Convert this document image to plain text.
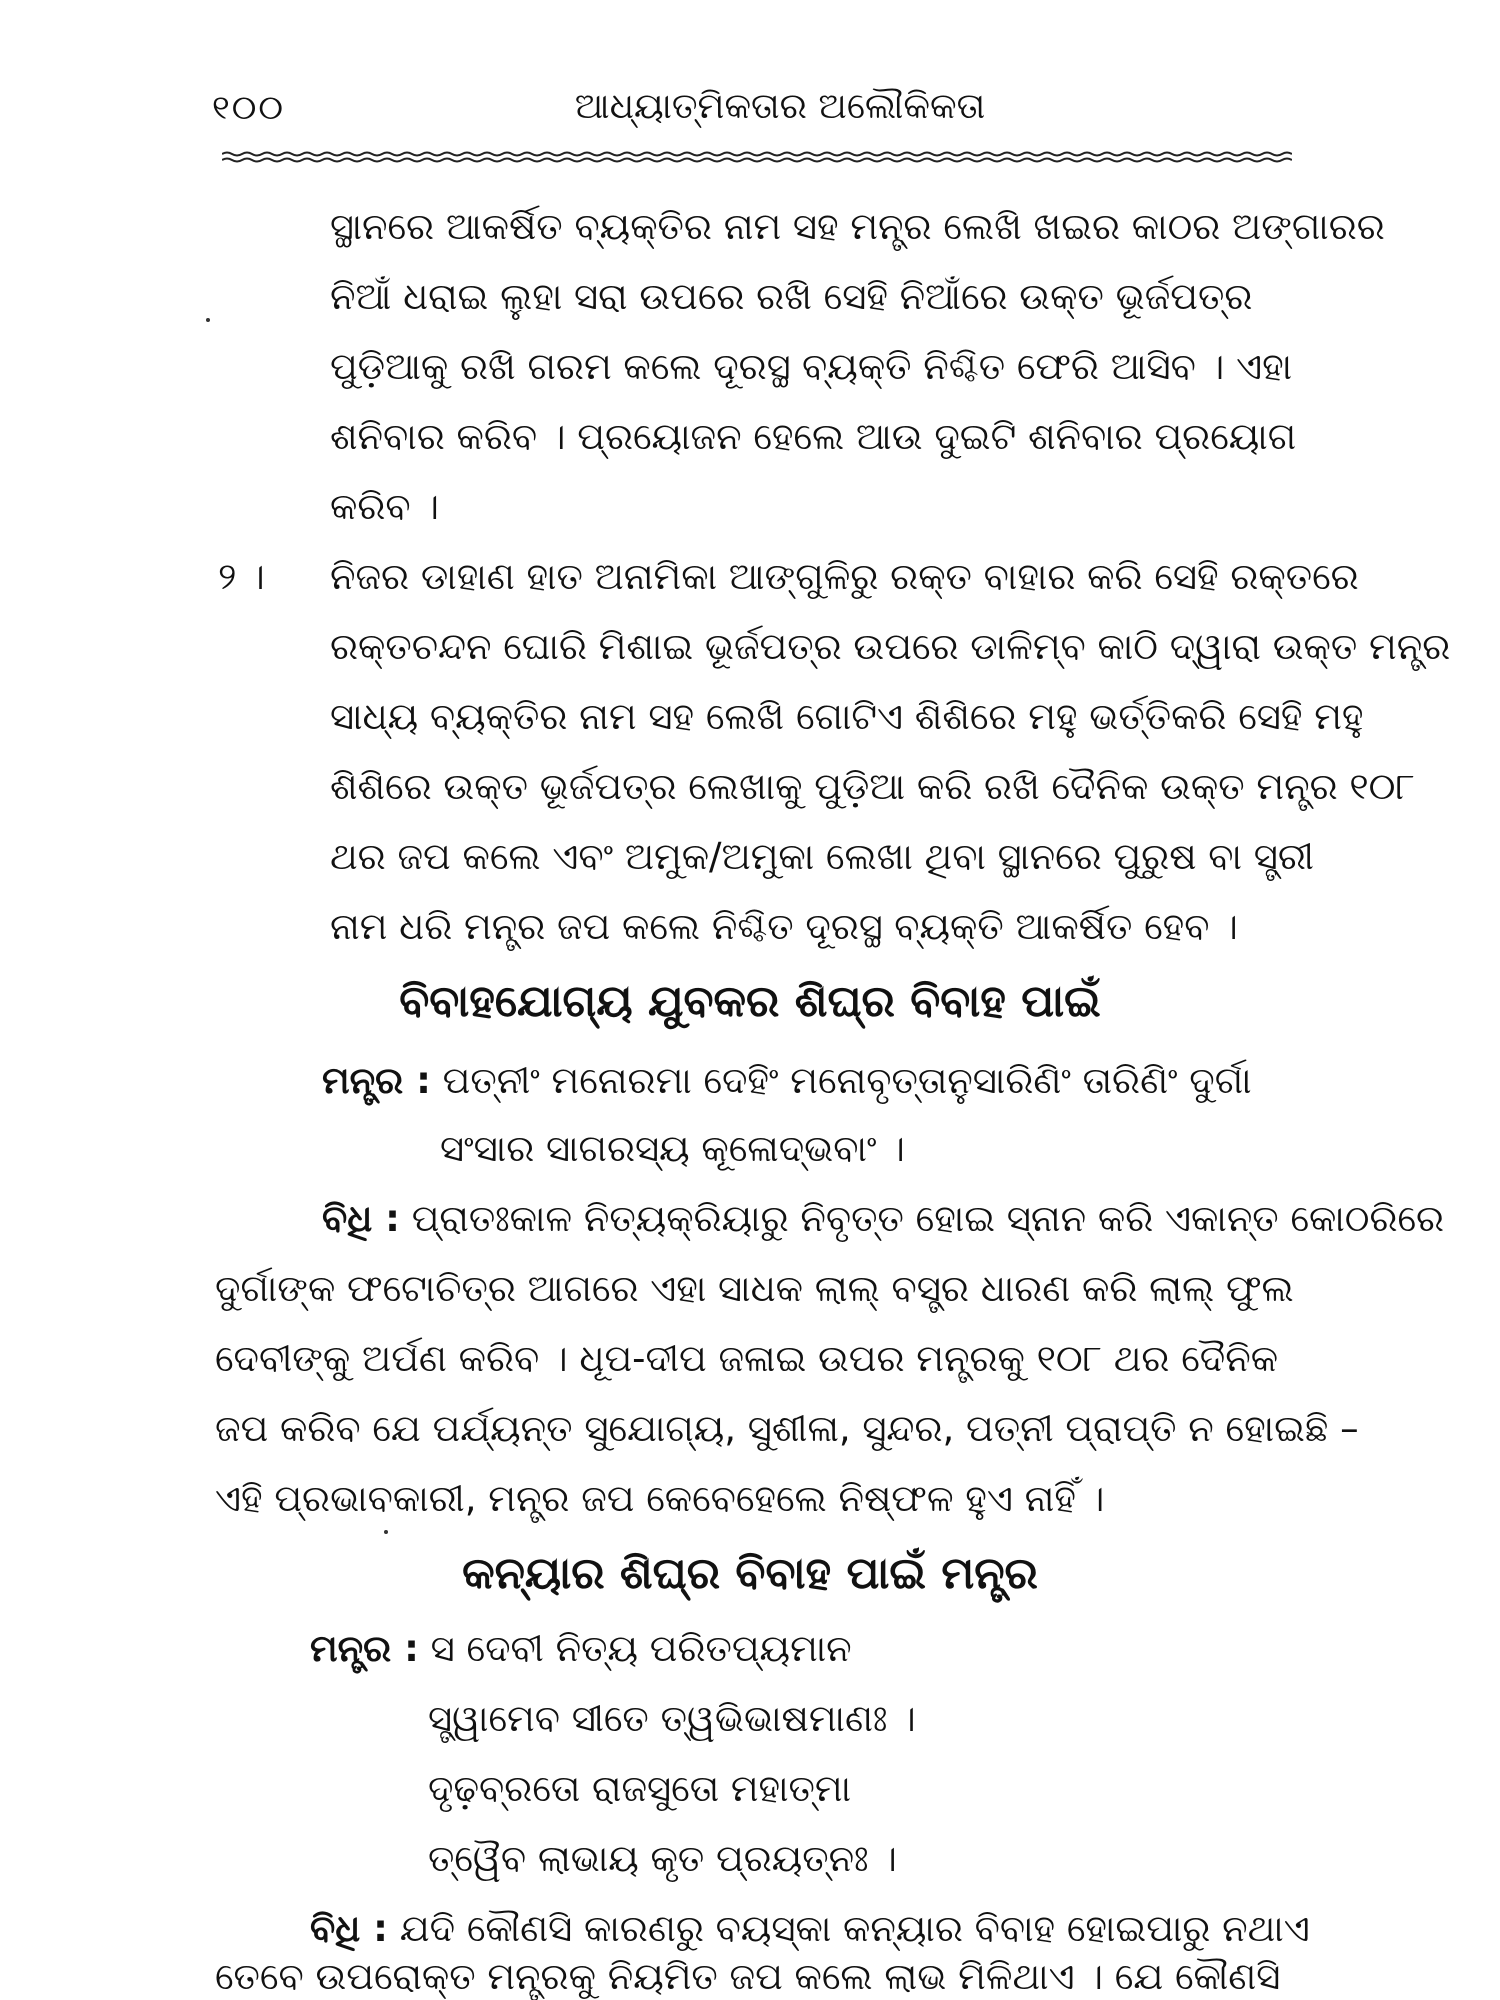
୧୦୦	ଆଧ୍ୟାତ୍ମିକତାର ଅଲୌକିକତା
ସ୍ଥାନରେ ଆକର୍ଷିତ ବ୍ୟକ୍ତିର ନାମ ସହ ମନ୍ତ୍ର ଲେଖି ଖଇର କାଠର ଅଙ୍ଗାରର
ନିଆଁ ଧରାଇ ଲୁହା ସରା ଉପରେ ରଖି ସେହି ନିଆଁରେ ଉକ୍ତ ଭୂର୍ଜପତ୍ର
ପୁଡ଼ିଆକୁ ରଖି ଗରମ କଲେ ଦୂରସ୍ଥ ବ୍ୟକ୍ତି ନିଶ୍ଚିତ ଫେରି ଆସିବ । ଏହା
ଶନିବାର କରିବ । ପ୍ରୟୋଜନ ହେଲେ ଆଉ ଦୁଇଟି ଶନିବାର ପ୍ରୟୋଗ
କରିବ ।
୨ । ନିଜର ଡାହାଣ ହାତ ଅନାମିକା ଆଙ୍ଗୁଳିରୁ ରକ୍ତ ବାହାର କରି ସେହି ରକ୍ତରେ
ରକ୍ତଚନ୍ଦନ ଘୋରି ମିଶାଇ ଭୂର୍ଜପତ୍ର ଉପରେ ଡାଳିମ୍ବ କାଠି ଦ୍ୱାରା ଉକ୍ତ ମନ୍ତ୍ର
ସାଧ୍ୟ ବ୍ୟକ୍ତିର ନାମ ସହ ଲେଖି ଗୋଟିଏ ଶିଶିରେ ମହୁ ଭର୍ତ୍ତିକରି ସେହି ମହୁ
ଶିଶିରେ ଉକ୍ତ ଭୂର୍ଜପତ୍ର ଲେଖାକୁ ପୁଡ଼ିଆ କରି ରଖି ଦୈନିକ ଉକ୍ତ ମନ୍ତ୍ର ୧୦୮
ଥର ଜପ କଲେ ଏବଂ ଅମୁକ/ଅମୁକା ଲେଖା ଥିବା ସ୍ଥାନରେ ପୁରୁଷ ବା ସ୍ତ୍ରୀ
ନାମ ଧରି ମନ୍ତ୍ର ଜପ କଲେ ନିଶ୍ଚିତ ଦୂରସ୍ଥ ବ୍ୟକ୍ତି ଆକର୍ଷିତ ହେବ ।
ବିବାହଯୋଗ୍ୟ ଯୁବକର ଶିଘ୍ର ବିବାହ ପାଇଁ
ମନ୍ତ୍ର : ପତ୍ନୀଂ ମନୋରମା ଦେହିଂ ମନୋବୃତ୍ତାନୁସାରିଣିଂ ତାରିଣିଂ ଦୁର୍ଗା
ସଂସାର ସାଗରସ୍ୟ କୂଳୋଦ୍‌ଭବାଂ ।
ବିଧି : ପ୍ରାତଃକାଳ ନିତ୍ୟକ୍ରିୟାରୁ ନିବୃତ୍ତ ହୋଇ ସ୍ନାନ କରି ଏକାନ୍ତ କୋଠରିରେ
ଦୁର୍ଗାଙ୍କ ଫଟୋଚିତ୍ର ଆଗରେ ଏହା ସାଧକ ଲାଲ୍ ବସ୍ତ୍ର ଧାରଣ କରି ଲାଲ୍ ଫୁଲ
ଦେବୀଙ୍କୁ ଅର୍ପଣ କରିବ । ଧୂପ-ଦୀପ ଜଳାଇ ଉପର ମନ୍ତ୍ରକୁ ୧୦୮ ଥର ଦୈନିକ
ଜପ କରିବ ଯେ ପର୍ଯ୍ୟନ୍ତ ସୁଯୋଗ୍ୟ, ସୁଶୀଳା, ସୁନ୍ଦର, ପତ୍ନୀ ପ୍ରାପ୍ତି ନ ହୋଇଛି –
ଏହି ପ୍ରଭାବକାରୀ, ମନ୍ତ୍ର ଜପ କେବେହେଲେ ନିଷ୍ଫଳ ହୁଏ ନାହିଁ ।
କନ୍ୟାର ଶିଘ୍ର ବିବାହ ପାଇଁ ମନ୍ତ୍ର
ମନ୍ତ୍ର : ସ ଦେବୀ ନିତ୍ୟ ପରିତପ୍ୟମାନ
ସ୍ତ୍ୱାମେବ ସୀତେ ତ୍ୱଭିଭାଷମାଣଃ ।
ଦୃଢ଼ବ୍ରତୋ ରାଜସୁତୋ ମହାତ୍ମା
ତ୍ୱୈବ ଲାଭାୟ କୃତ ପ୍ରୟତ୍ନଃ ।
ବିଧି : ଯଦି କୌଣସି କାରଣରୁ ବୟସ୍କା କନ୍ୟାର ବିବାହ ହୋଇପାରୁ ନଥାଏ
ତେବେ ଉପରୋକ୍ତ ମନ୍ତ୍ରକୁ ନିୟମିତ ଜପ କଲେ ଲାଭ ମିଳିଥାଏ । ଯେ କୌଣସି
